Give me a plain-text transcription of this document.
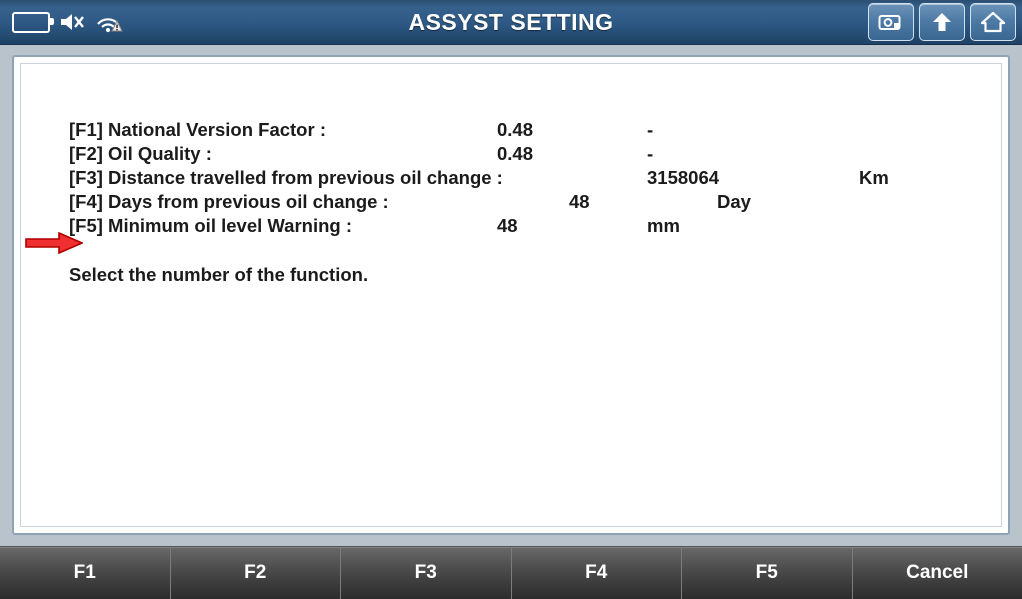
ASSYST SETTING
[F1] National Version Factor :	0.48	-
[F2] Oil Quality :	0.48	-
[F3] Distance travelled from previous oil change :	3158064	Km
[F4] Days from previous oil change :	48	Day
[F5] Minimum oil level Warning :	48	mm
Select the number of the function.
F1	F2	F3	F4	F5	Cancel
